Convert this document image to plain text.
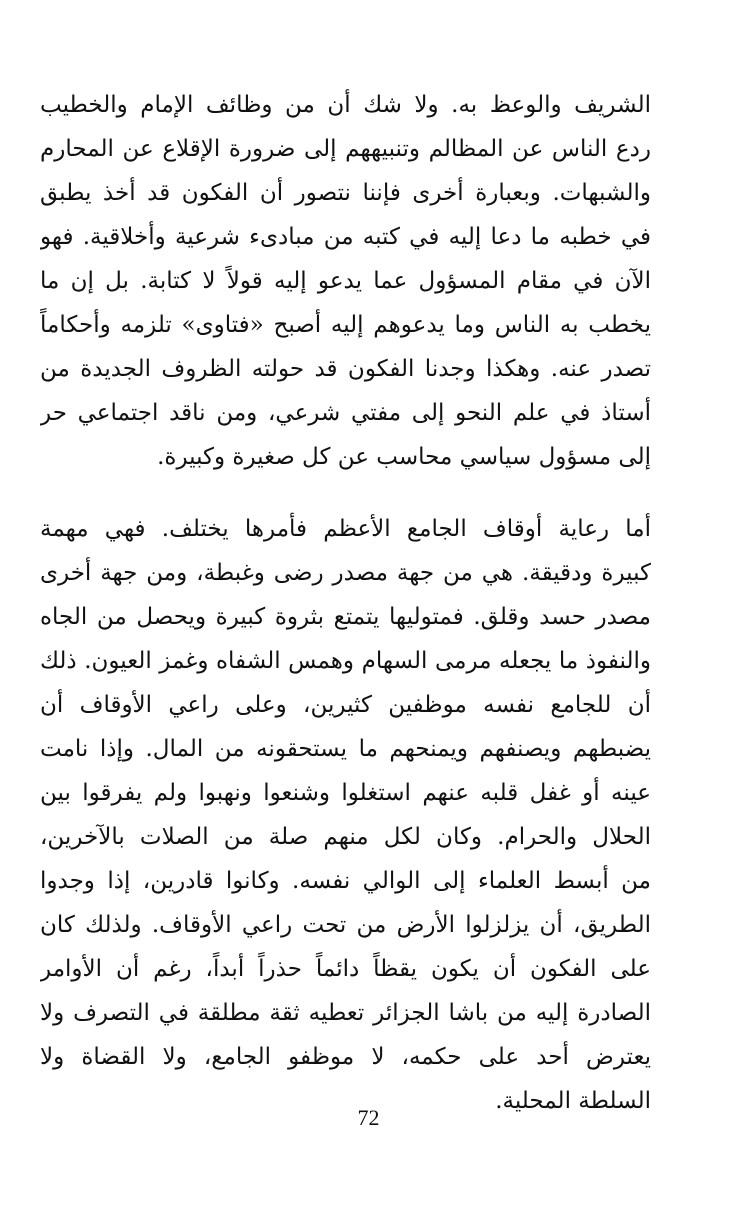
الشريف والوعظ به. ولا شك أن من وظائف الإمام والخطيب
ردع الناس عن المظالم وتنبيههم إلى ضرورة الإقلاع عن المحارم
والشبهات. وبعبارة أخرى فإننا نتصور أن الفكون قد أخذ يطبق
في خطبه ما دعا إليه في كتبه من مبادىء شرعية وأخلاقية. فهو
الآن في مقام المسؤول عما يدعو إليه قولاً لا كتابة. بل إن ما
يخطب به الناس وما يدعوهم إليه أصبح «فتاوى» تلزمه وأحكاماً
تصدر عنه. وهكذا وجدنا الفكون قد حولته الظروف الجديدة من
أستاذ في علم النحو إلى مفتي شرعي، ومن ناقد اجتماعي حر
إلى مسؤول سياسي محاسب عن كل صغيرة وكبيرة.
أما رعاية أوقاف الجامع الأعظم فأمرها يختلف. فهي مهمة
كبيرة ودقيقة. هي من جهة مصدر رضى وغبطة، ومن جهة أخرى
مصدر حسد وقلق. فمتوليها يتمتع بثروة كبيرة ويحصل من الجاه
والنفوذ ما يجعله مرمى السهام وهمس الشفاه وغمز العيون. ذلك
أن للجامع نفسه موظفين كثيرين، وعلى راعي الأوقاف أن
يضبطهم ويصنفهم ويمنحهم ما يستحقونه من المال. وإذا نامت
عينه أو غفل قلبه عنهم استغلوا وشنعوا ونهبوا ولم يفرقوا بين
الحلال والحرام. وكان لكل منهم صلة من الصلات بالآخرين،
من أبسط العلماء إلى الوالي نفسه. وكانوا قادرين، إذا وجدوا
الطريق، أن يزلزلوا الأرض من تحت راعي الأوقاف. ولذلك كان
على الفكون أن يكون يقظاً دائماً حذراً أبداً، رغم أن الأوامر
الصادرة إليه من باشا الجزائر تعطيه ثقة مطلقة في التصرف ولا
يعترض أحد على حكمه، لا موظفو الجامع، ولا القضاة ولا
السلطة المحلية.
72
